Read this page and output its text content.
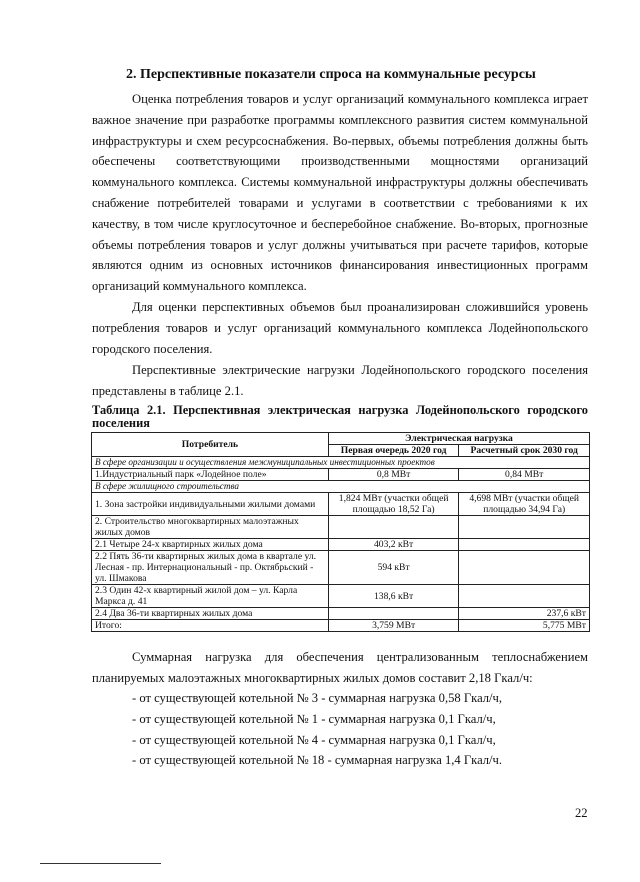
2. Перспективные показатели спроса на коммунальные ресурсы

Оценка потребления товаров и услуг организаций коммунального комплекса играет важное значение при разработке программы комплексного развития систем коммунальной инфраструктуры и схем ресурсоснабжения. Во-первых, объемы потребления должны быть обеспечены соответствующими производственными мощностями организаций коммунального комплекса. Системы коммунальной инфраструктуры должны обеспечивать снабжение потребителей товарами и услугами в соответствии с требованиями к их качеству, в том числе круглосуточное и бесперебойное снабжение. Во-вторых, прогнозные объемы потребления товаров и услуг должны учитываться при расчете тарифов, которые являются одним из основных источников финансирования инвестиционных программ организаций коммунального комплекса.

Для оценки перспективных объемов был проанализирован сложившийся уровень потребления товаров и услуг организаций коммунального комплекса Лодейнопольского городского поселения.

Перспективные электрические нагрузки Лодейнопольского городского поселения представлены в таблице 2.1.

Таблица 2.1. Перспективная электрическая нагрузка Лодейнопольского городского поселения

Потребитель	Электрическая нагрузка	
	Первая очередь 2020 год	Расчетный срок 2030 год
В сфере организации и осуществления межмуниципальных инвестиционных проектов		
1.Индустриальный парк «Лодейное поле»	0,8 МВт	0,84 МВт
В сфере жилищного строительства		
1. Зона застройки индивидуальными жилыми домами	1,824 МВт (участки общей площадью 18,52 Га)	4,698 МВт (участки общей площадью 34,94 Га)
2. Строительство многоквартирных малоэтажных жилых домов		
2.1 Четыре 24-х квартирных жилых дома	403,2 кВт	
2.2 Пять 36-ти квартирных жилых дома в квартале ул. Лесная - пр. Интернациональный - пр. Октябрьский - ул. Шмакова	594 кВт	
2.3 Один 42-х квартирный жилой дом – ул. Карла Маркса д. 41	138,6 кВт	
2.4 Два 36-ти квартирных жилых дома		237,6 кВт
Итого:	3,759 МВт	5,775 МВт

Суммарная нагрузка для обеспечения централизованным теплоснабжением планируемых малоэтажных многоквартирных жилых домов составит 2,18 Гкал/ч:

- от существующей котельной № 3 - суммарная нагрузка 0,58 Гкал/ч,
- от существующей котельной № 1 - суммарная нагрузка 0,1 Гкал/ч,
- от существующей котельной № 4 - суммарная нагрузка 0,1 Гкал/ч,
- от существующей котельной № 18 - суммарная нагрузка 1,4 Гкал/ч.
22
